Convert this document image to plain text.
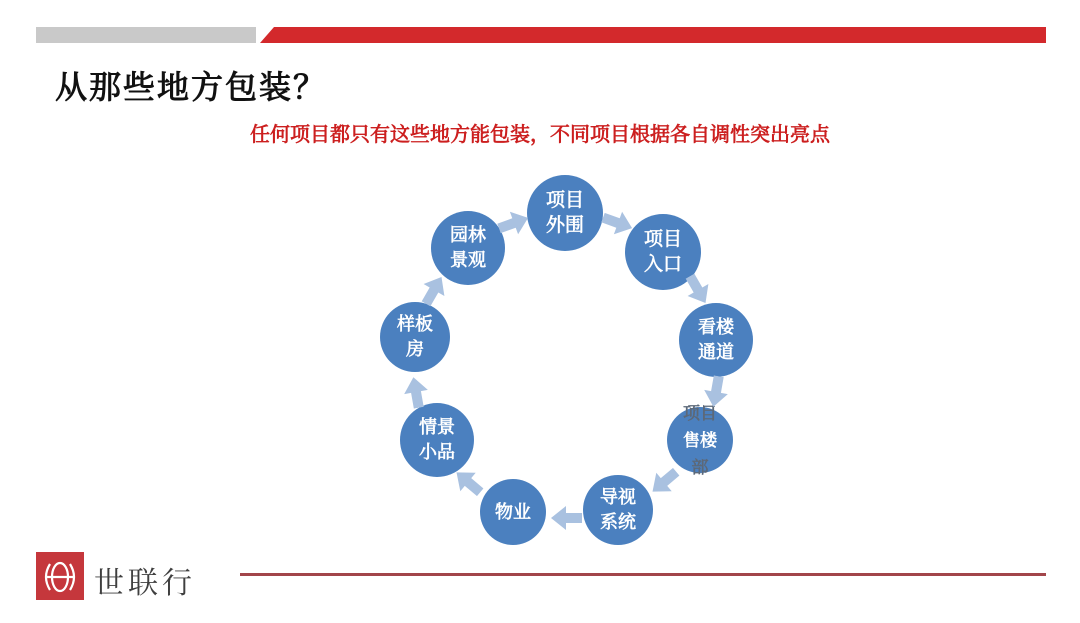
从那些地方包装？
任何项目都只有这些地方能包装，不同项目根据各自调性突出亮点
项目
外围
项目
入口
看楼
通道
项目
售楼
部
导视
系统
物业
情景
小品
样板
房
园林
景观
世联行
